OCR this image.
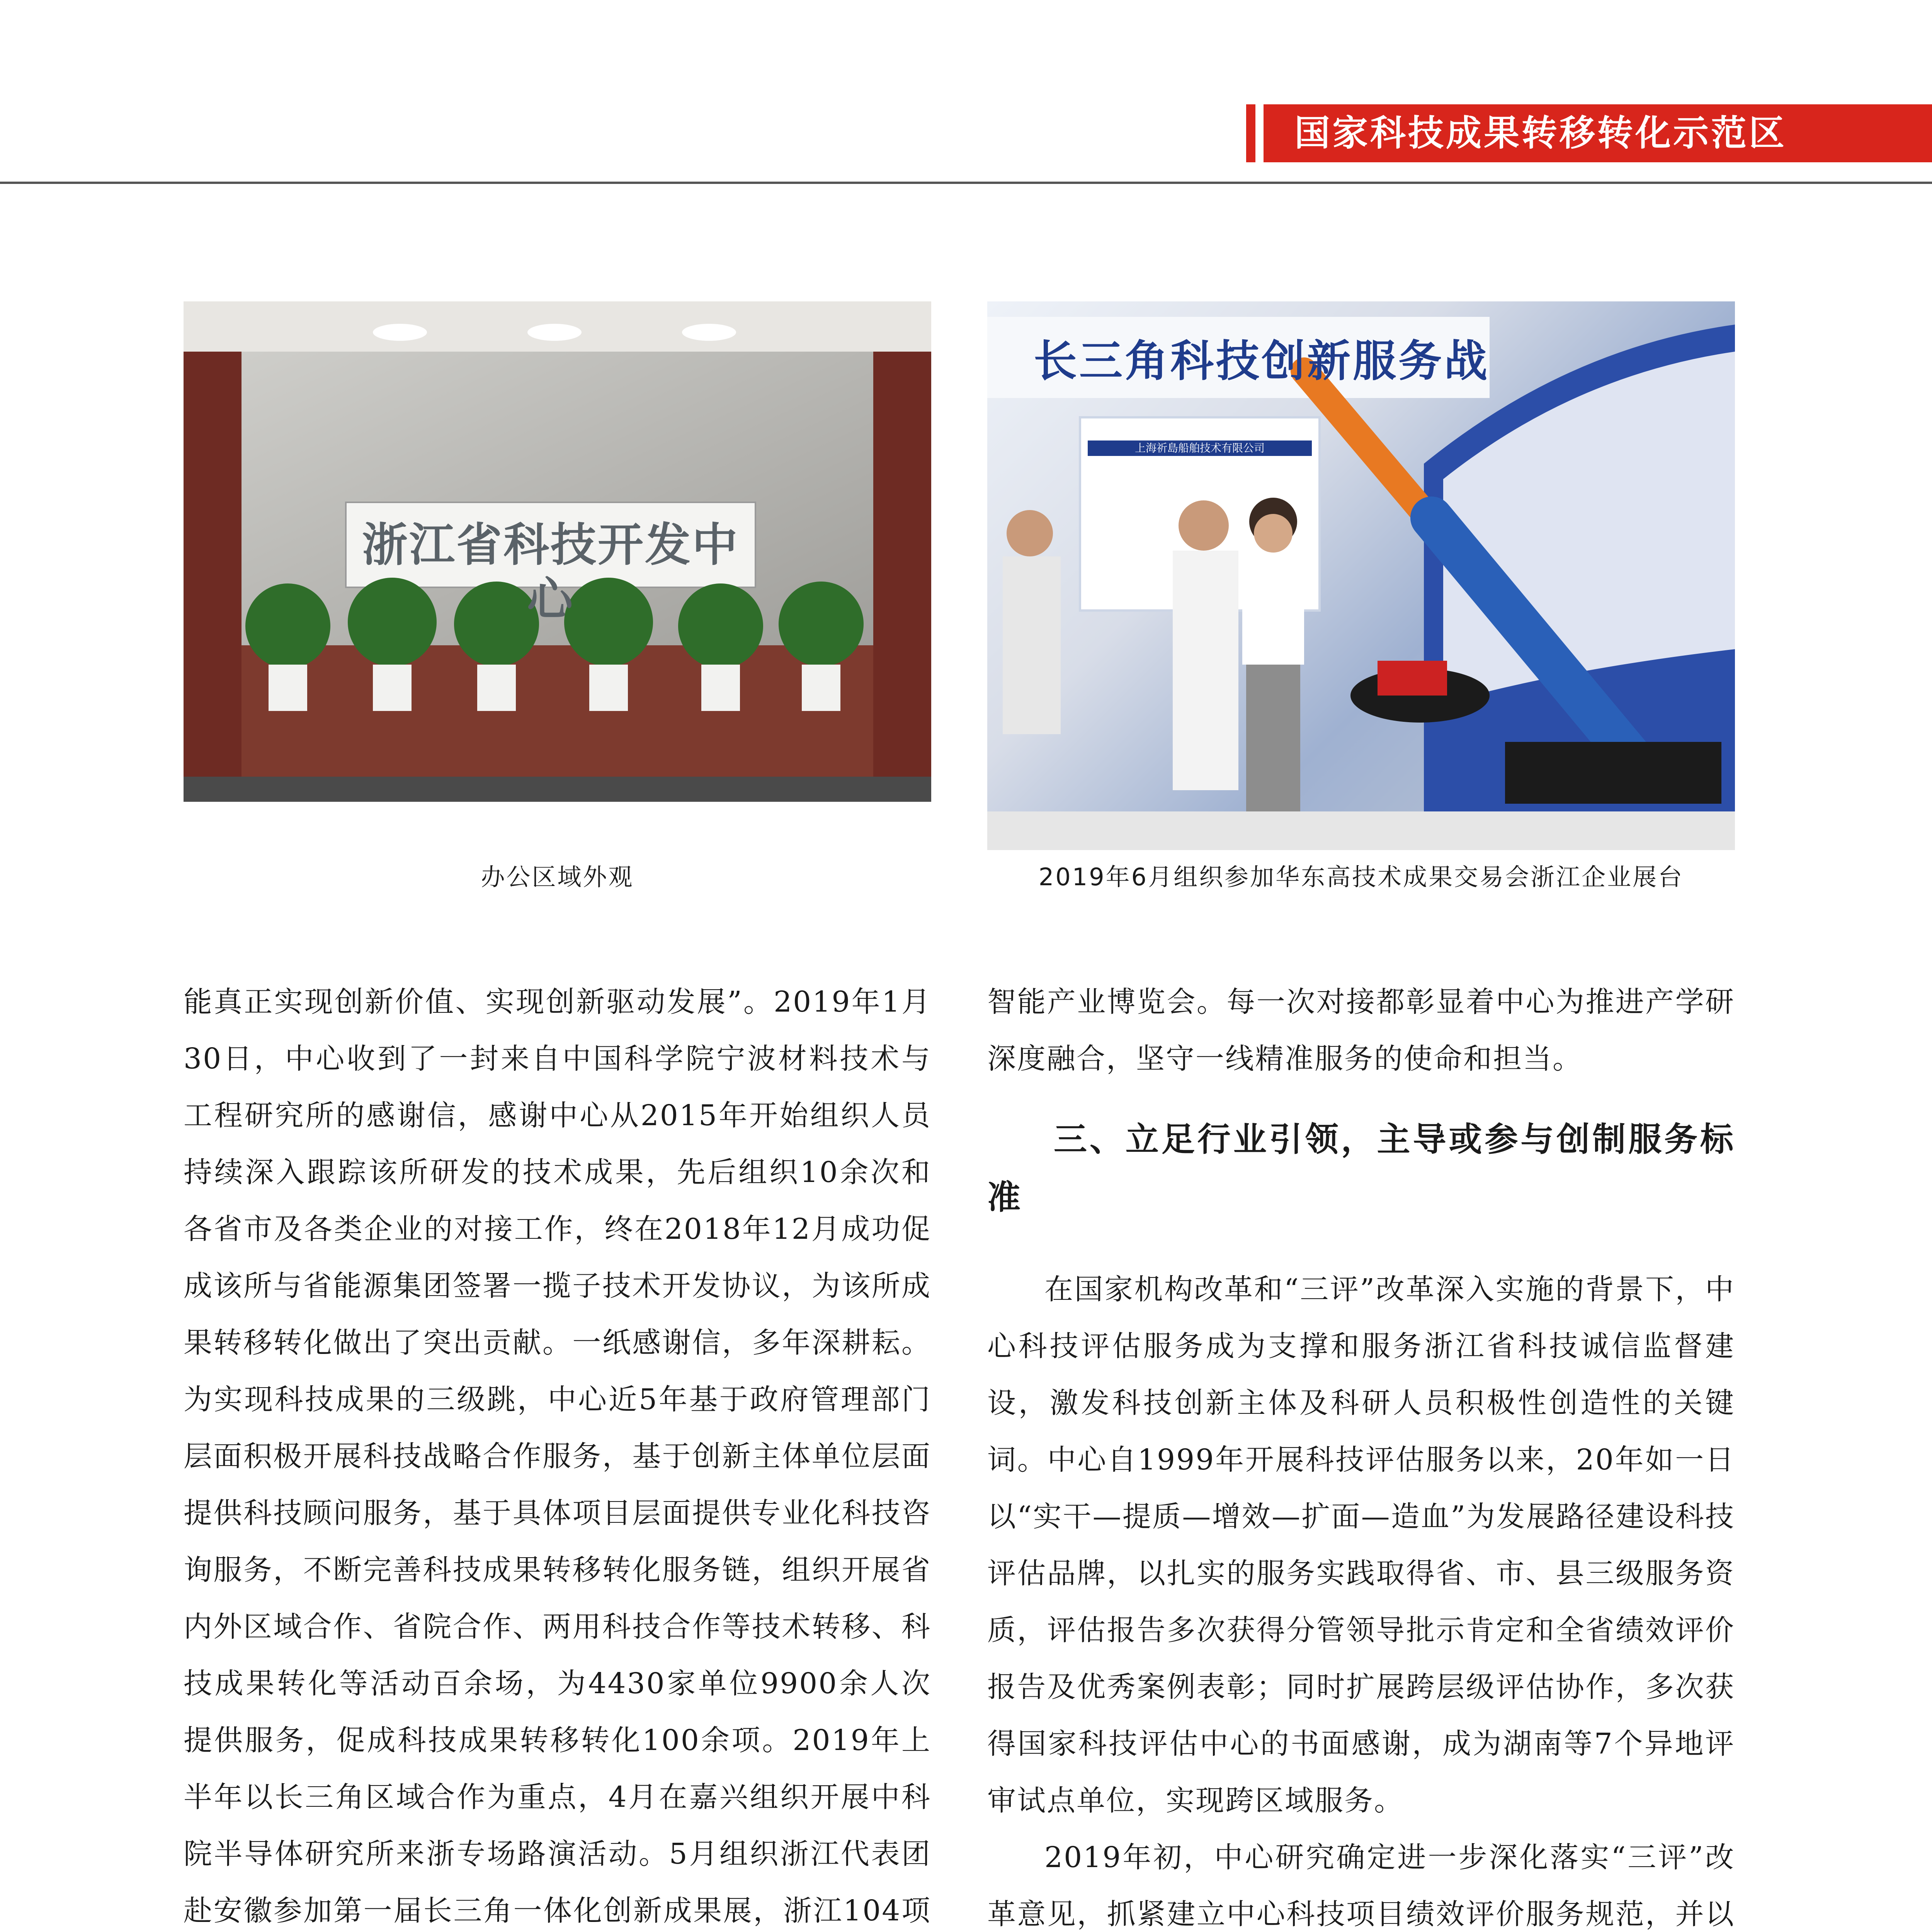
国家科技成果转移转化示范区
浙江省科技开发中心
长三角科技创新服务战
上海祈島船舶技术有限公司
办公区域外观	2019年6月组织参加华东高技术成果交易会浙江企业展台

能真正实现创新价值、实现创新驱动发展”。2019年1月30日，中心收到了一封来自中国科学院宁波材料技术与工程研究所的感谢信，感谢中心从2015年开始组织人员持续深入跟踪该所研发的技术成果，先后组织10余次和各省市及各类企业的对接工作，终在2018年12月成功促成该所与省能源集团签署一揽子技术开发协议，为该所成果转移转化做出了突出贡献。一纸感谢信，多年深耕耘。为实现科技成果的三级跳，中心近5年基于政府管理部门层面积极开展科技战略合作服务，基于创新主体单位层面提供科技顾问服务，基于具体项目层面提供专业化科技咨询服务，不断完善科技成果转移转化服务链，组织开展省内外区域合作、省院合作、两用科技合作等技术转移、科技成果转化等活动百余场，为4430家单位9900余人次提供服务，促成科技成果转移转化100余项。2019年上半年以长三角区域合作为重点，4月在嘉兴组织开展中科院半导体研究所来浙专场路演活动。5月组织浙江代表团赴安徽参加第一届长三角一体化创新成果展，浙江104项

智能产业博览会。每一次对接都彰显着中心为推进产学研深度融合，坚守一线精准服务的使命和担当。

三、立足行业引领，主导或参与创制服务标准

在国家机构改革和“三评”改革深入实施的背景下，中心科技评估服务成为支撑和服务浙江省科技诚信监督建设，激发科技创新主体及科研人员积极性创造性的关键词。中心自1999年开展科技评估服务以来，20年如一日以“实干—提质—增效—扩面—造血”为发展路径建设科技评估品牌，以扎实的服务实践取得省、市、县三级服务资质，评估报告多次获得分管领导批示肯定和全省绩效评价报告及优秀案例表彰；同时扩展跨层级评估协作，多次获得国家科技评估中心的书面感谢，成为湖南等7个异地评审试点单位，实现跨区域服务。

2019年初，中心研究确定进一步深化落实“三评”改革意见，抓紧建立中心科技项目绩效评价服务规范，并以
